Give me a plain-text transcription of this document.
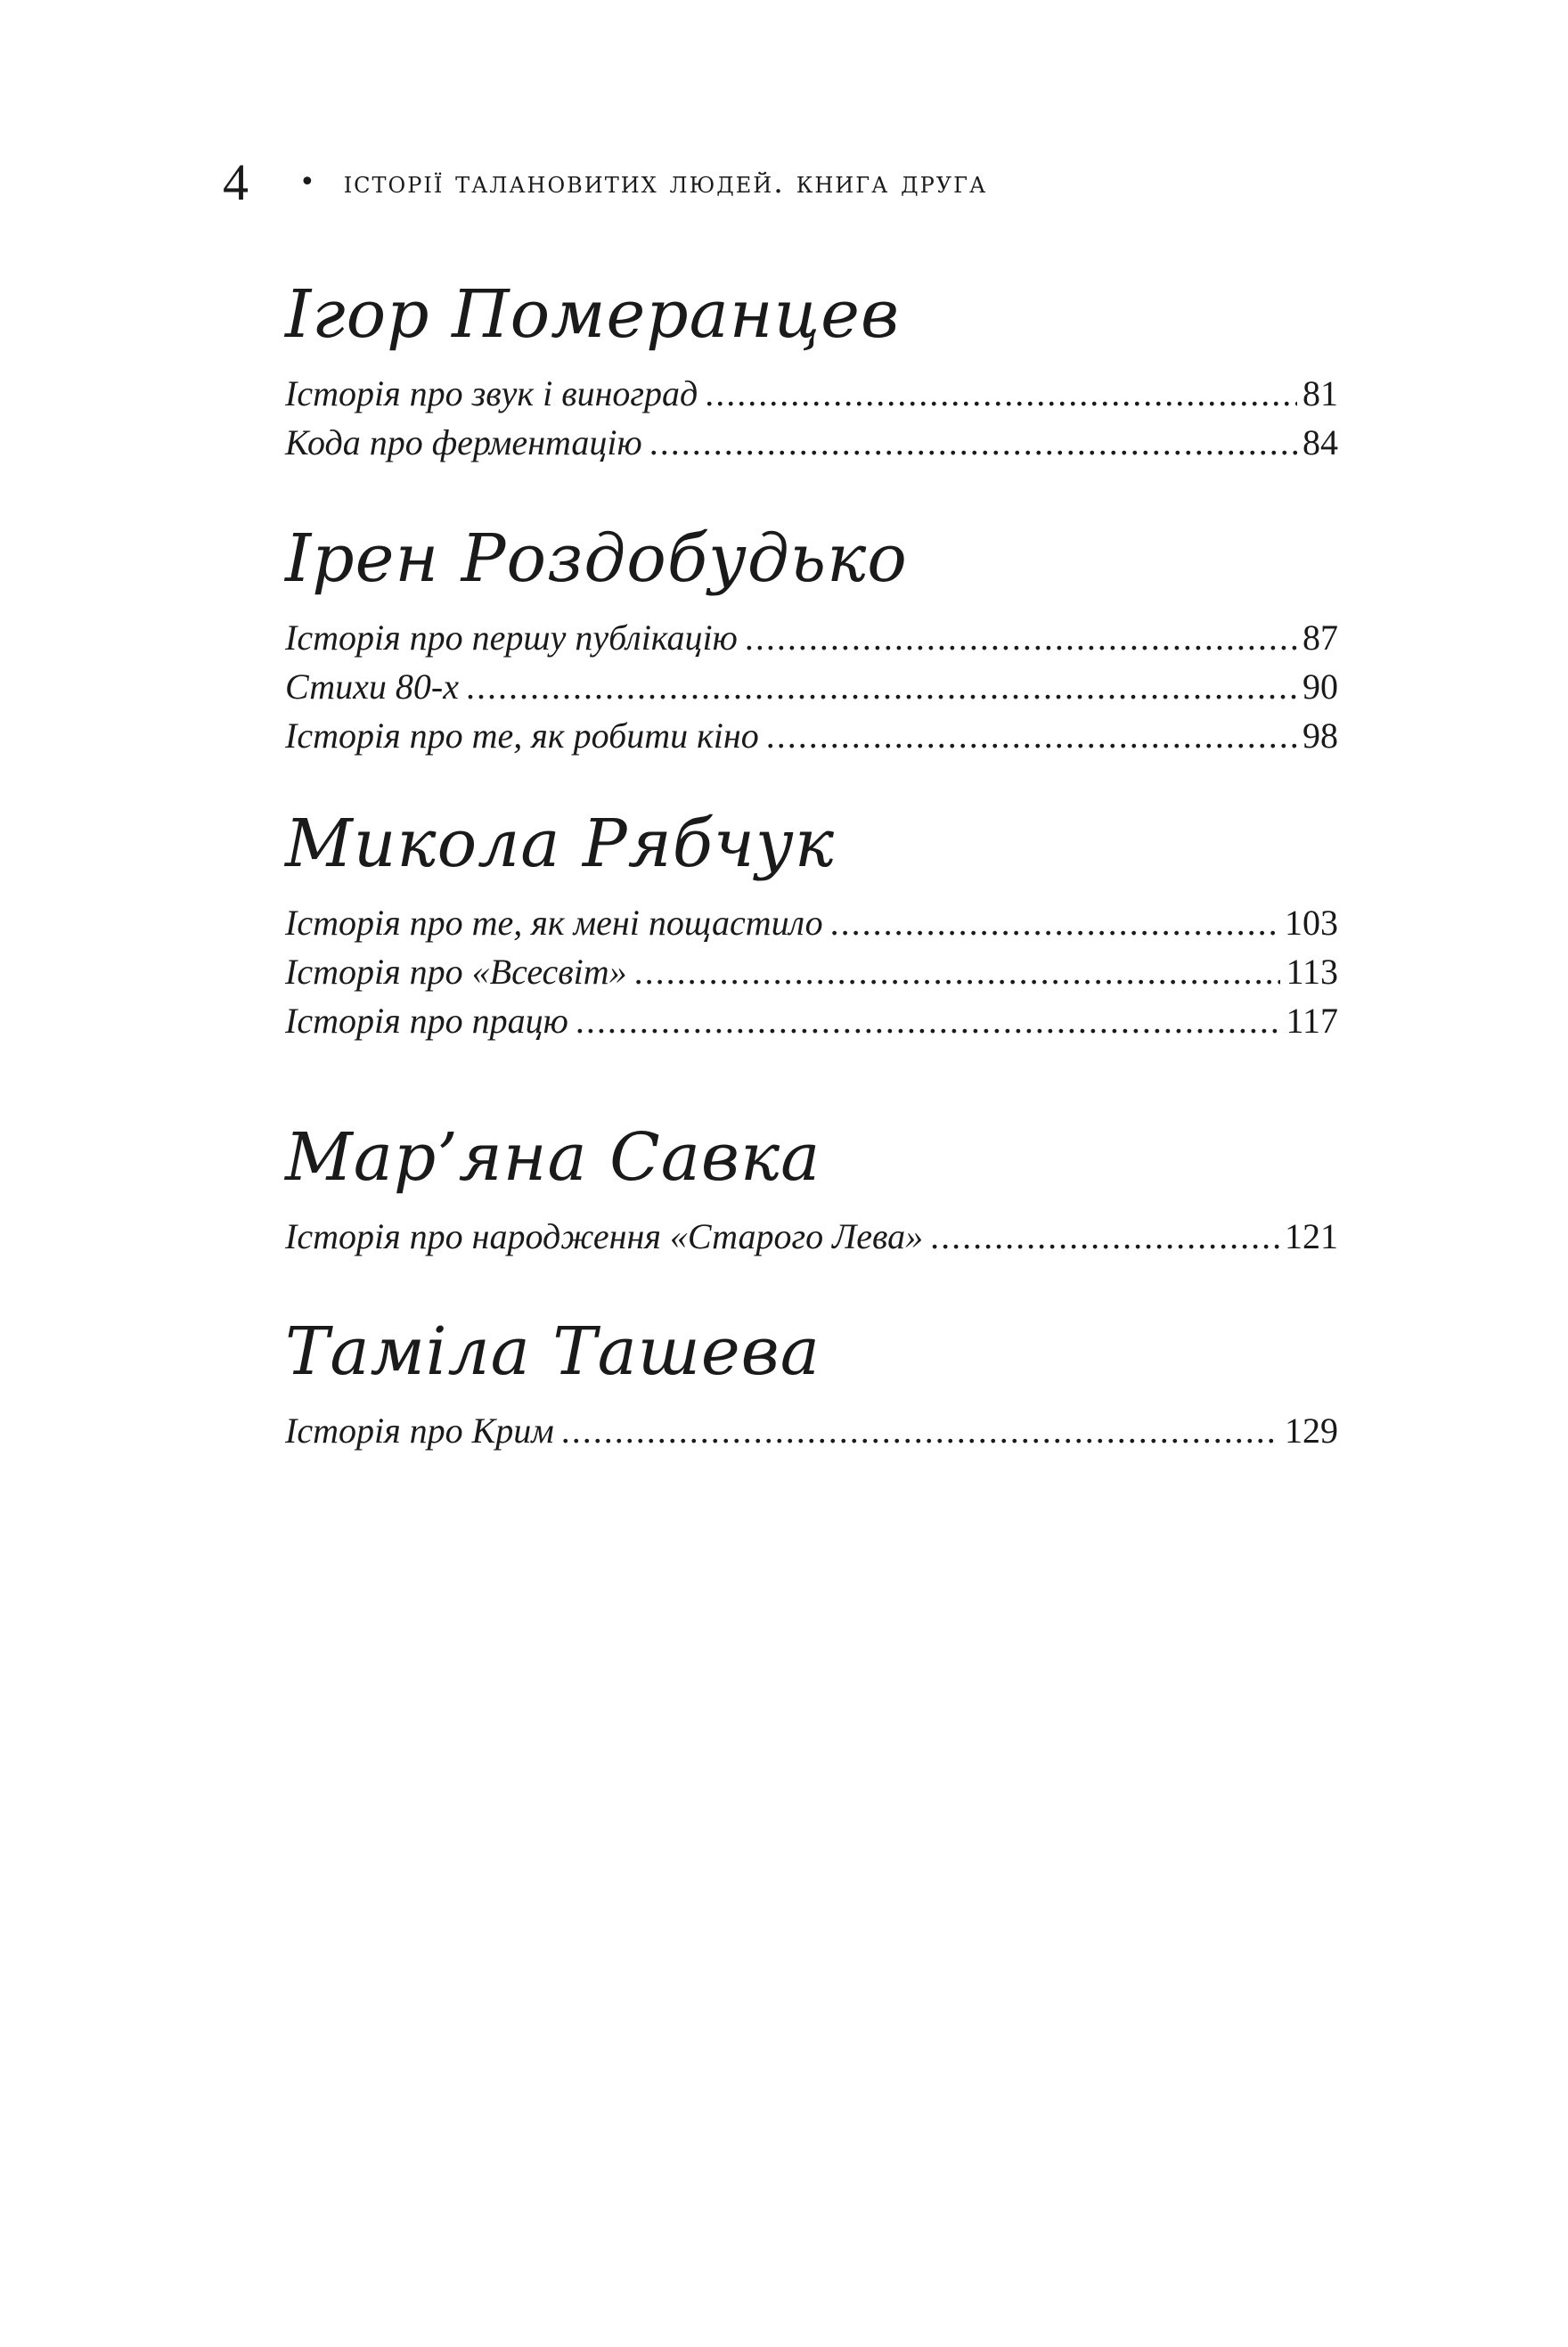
4	• історії талановитих людей. книга друга
Ігор Померанцев
Історія про звук і виноград .....	81
Кода про ферментацію .....	84
Ірен Роздобудько
Історія про першу публікацію .....	87
Стихи 80-х .....	90
Історія про те, як робити кіно .....	98
Микола Рябчук
Історія про те, як мені пощастило .....	103
Історія про «Всесвіт» .....	113
Історія про працю .....	117
Мар’яна Савка
Історія про народження «Старого Лева» .....	121
Таміла Ташева
Історія про Крим .....	129
